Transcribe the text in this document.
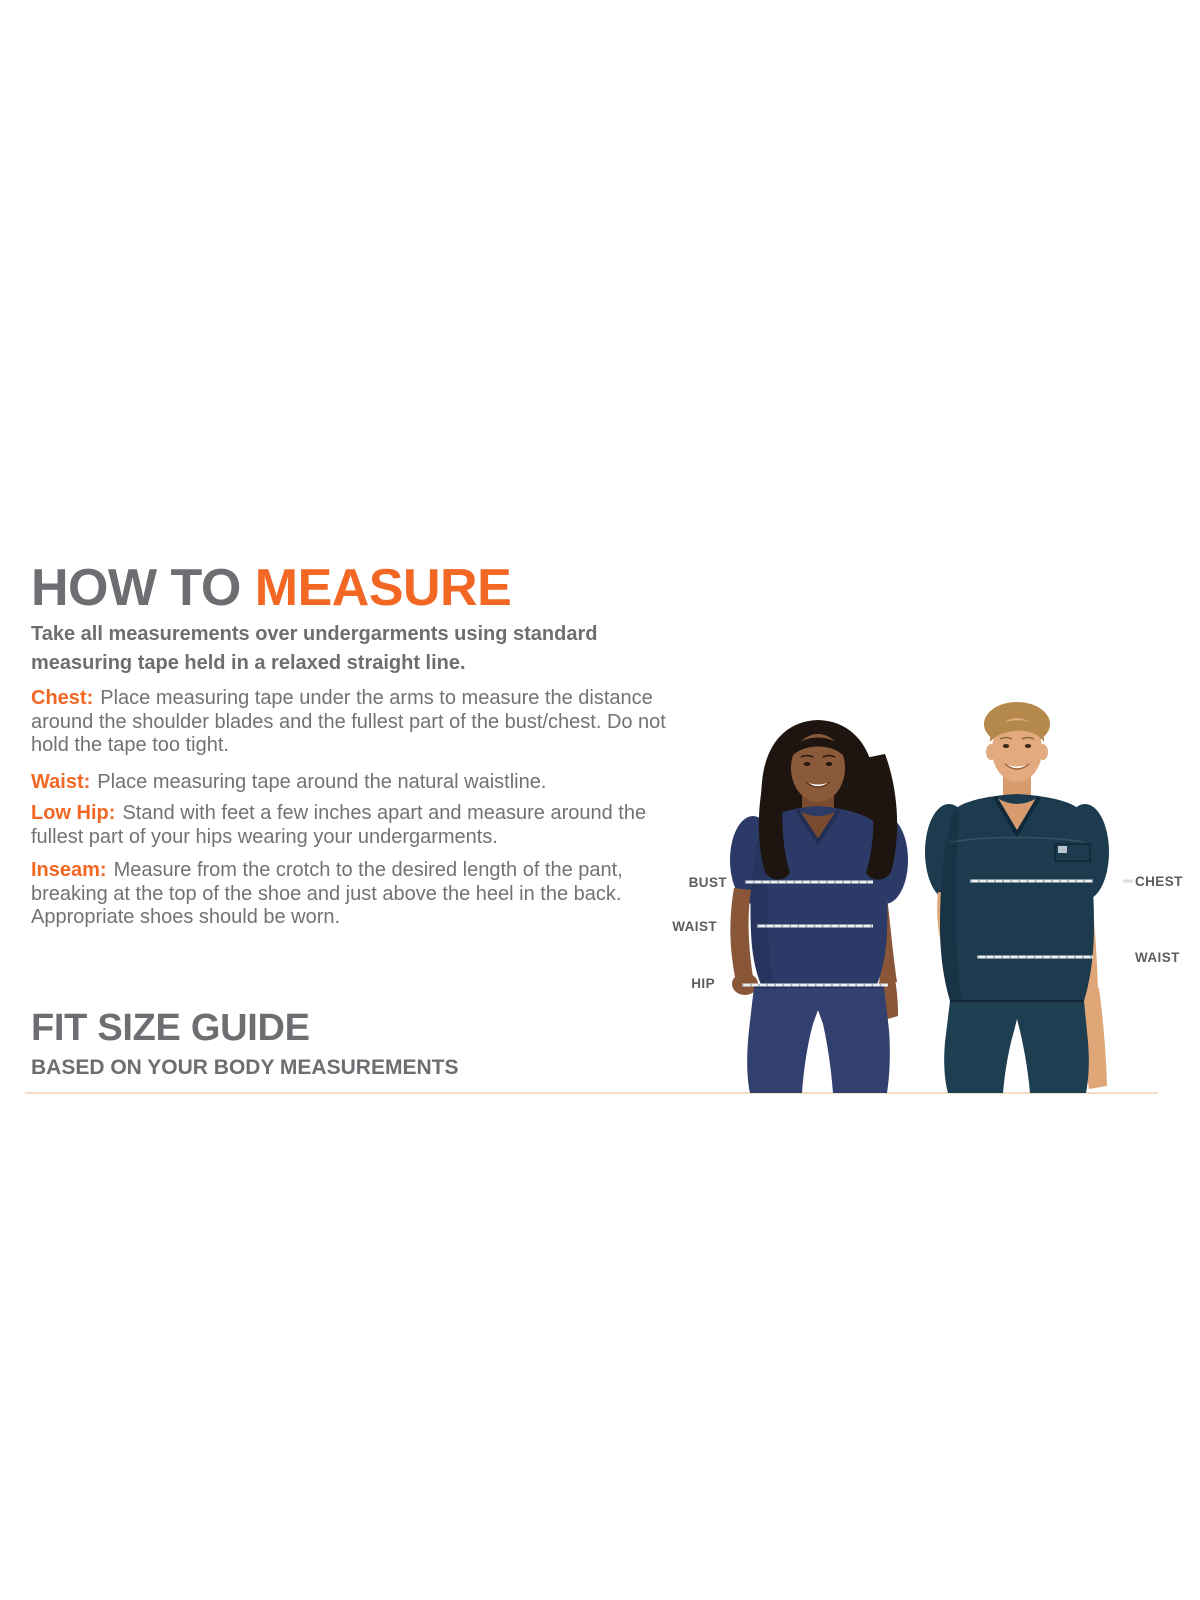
HOW TO MEASURE

Take all measurements over undergarments using standard measuring tape held in a relaxed straight line.

Chest: Place measuring tape under the arms to measure the distance around the shoulder blades and the fullest part of the bust/chest. Do not hold the tape too tight.

Waist: Place measuring tape around the natural waistline.

Low Hip: Stand with feet a few inches apart and measure around the fullest part of your hips wearing your undergarments.

Inseam: Measure from the crotch to the desired length of the pant, breaking at the top of the shoe and just above the heel in the back. Appropriate shoes should be worn.

FIT SIZE GUIDE
BASED ON YOUR BODY MEASUREMENTS
BUST
WAIST
HIP
CHEST
WAIST
